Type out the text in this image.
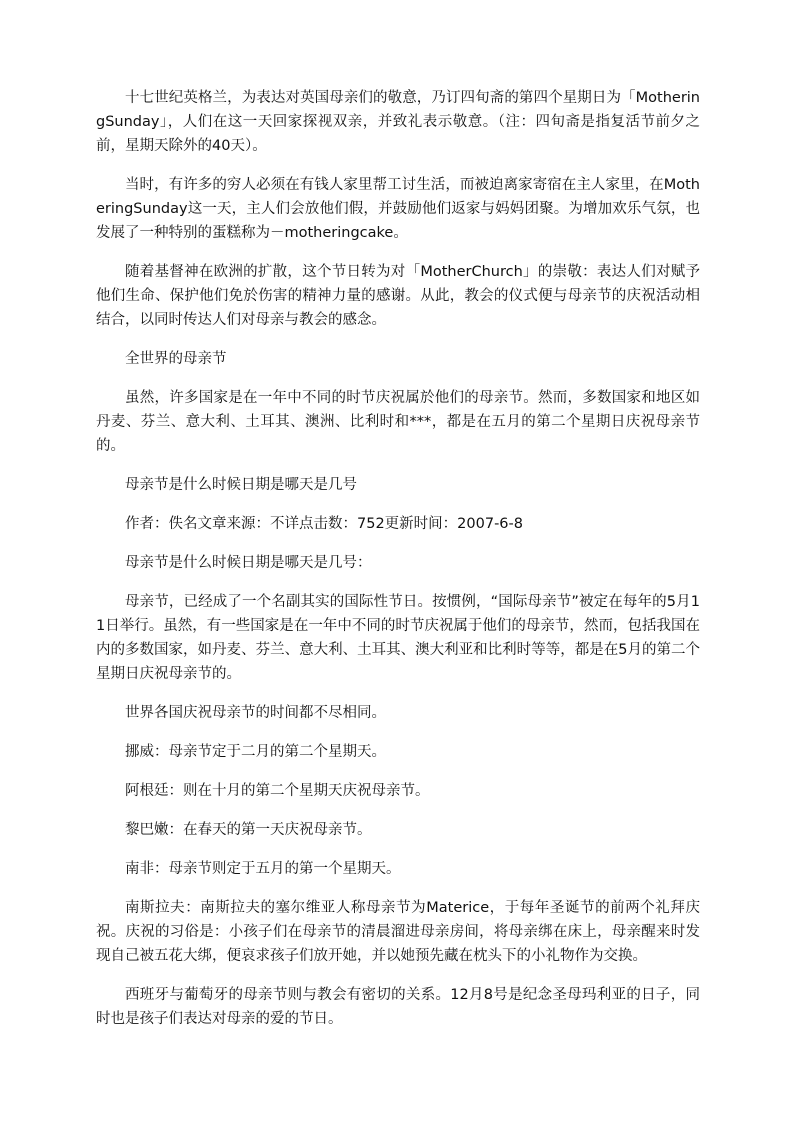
十七世纪英格兰，为表达对英国母亲们的敬意，乃订四旬斋的第四个星期日为「MotheringSunday」，人们在这一天回家探视双亲，并致礼表示敬意。（注：四旬斋是指复活节前夕之前，星期天除外的40天）。

当时，有许多的穷人必须在有钱人家里帮工讨生活，而被迫离家寄宿在主人家里，在MotheringSunday这一天，主人们会放他们假，并鼓励他们返家与妈妈团聚。为增加欢乐气氛，也发展了一种特别的蛋糕称为－motheringcake。

随着基督神在欧洲的扩散，这个节日转为对「MotherChurch」的崇敬：表达人们对赋予他们生命、保护他们免於伤害的精神力量的感谢。从此，教会的仪式便与母亲节的庆祝活动相结合，以同时传达人们对母亲与教会的感念。

全世界的母亲节

虽然，许多国家是在一年中不同的时节庆祝属於他们的母亲节。然而，多数国家和地区如丹麦、芬兰、意大利、土耳其、澳洲、比利时和***，都是在五月的第二个星期日庆祝母亲节的。

母亲节是什么时候日期是哪天是几号

作者：佚名文章来源：不详点击数：752更新时间：2007-6-8

母亲节是什么时候日期是哪天是几号：

母亲节，已经成了一个名副其实的国际性节日。按惯例，“国际母亲节”被定在每年的5月11日举行。虽然，有一些国家是在一年中不同的时节庆祝属于他们的母亲节，然而，包括我国在内的多数国家，如丹麦、芬兰、意大利、土耳其、澳大利亚和比利时等等，都是在5月的第二个星期日庆祝母亲节的。

世界各国庆祝母亲节的时间都不尽相同。

挪威：母亲节定于二月的第二个星期天。

阿根廷：则在十月的第二个星期天庆祝母亲节。

黎巴嫩：在春天的第一天庆祝母亲节。

南非：母亲节则定于五月的第一个星期天。

南斯拉夫：南斯拉夫的塞尔维亚人称母亲节为Materice，于每年圣诞节的前两个礼拜庆祝。庆祝的习俗是：小孩子们在母亲节的清晨溜进母亲房间，将母亲绑在床上，母亲醒来时发现自己被五花大绑，便哀求孩子们放开她，并以她预先藏在枕头下的小礼物作为交换。

西班牙与葡萄牙的母亲节则与教会有密切的关系。12月8号是纪念圣母玛利亚的日子，同时也是孩子们表达对母亲的爱的节日。
